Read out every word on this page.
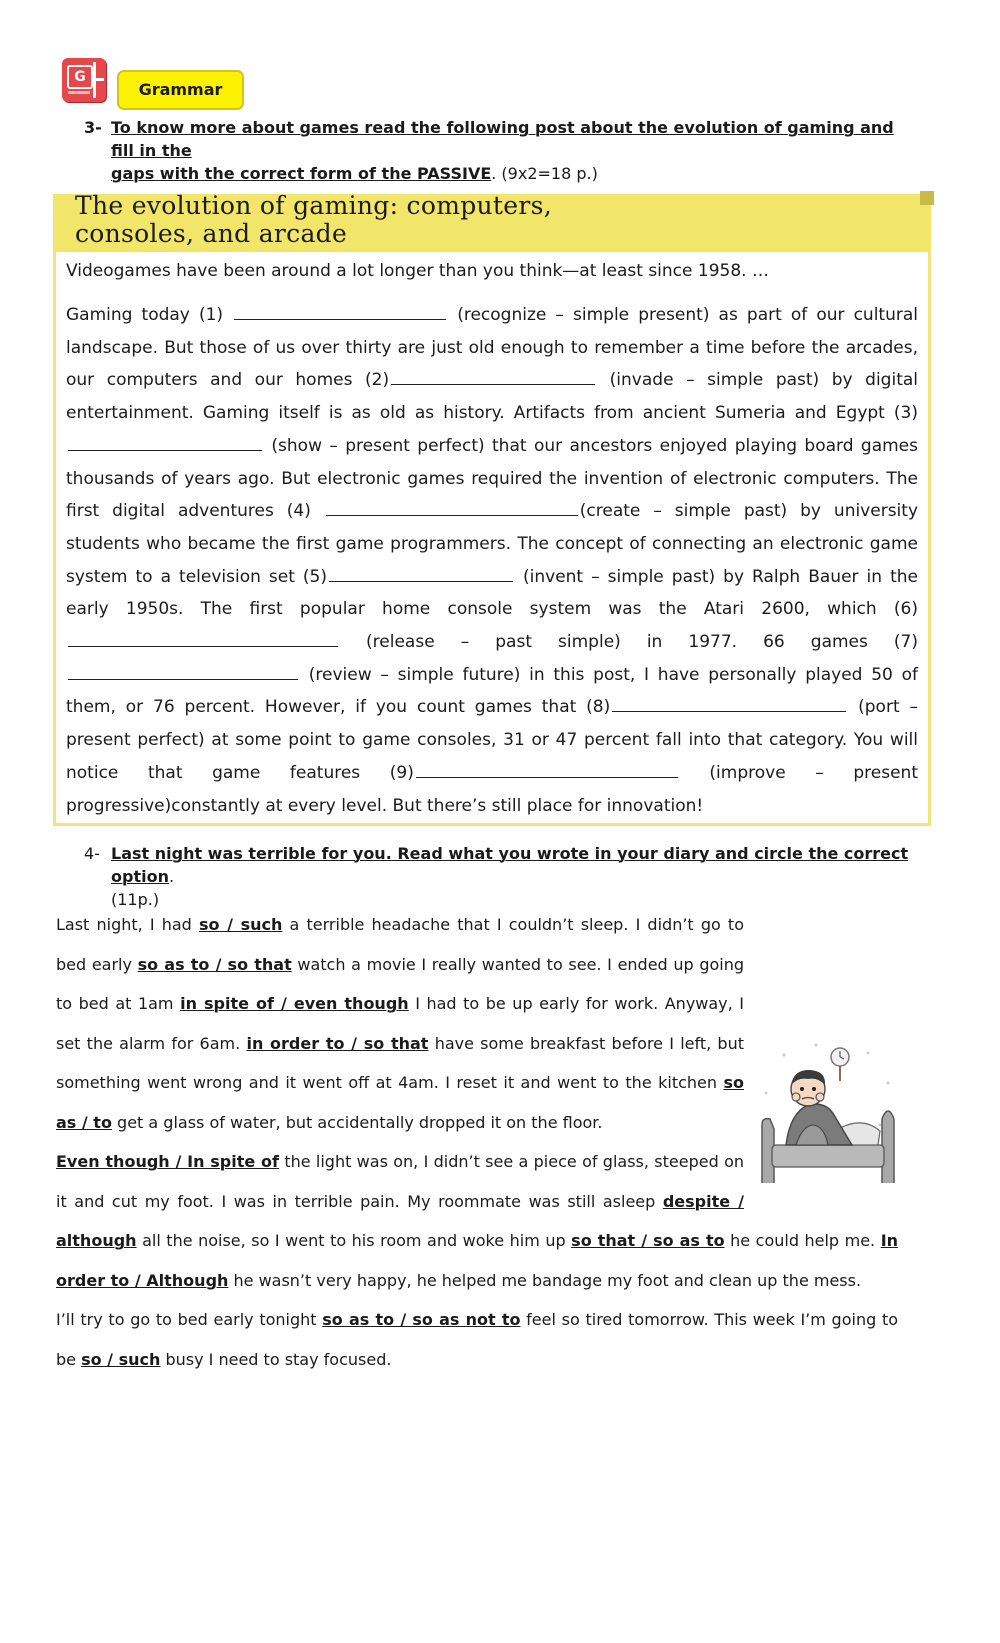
G
Grammar
3- To know more about games read the following post about the evolution of gaming and fill in the
gaps with the correct form of the PASSIVE. (9x2=18 p.)
The evolution of gaming: computers,
consoles, and arcade
Videogames have been around a lot longer than you think—at least since 1958. …
Gaming today (1)	(recognize – simple present) as part of our cultural landscape. But those of us over thirty are just old enough to remember a time before the arcades, our computers and our homes (2)	(invade – simple past) by digital entertainment. Gaming itself is as old as history. Artifacts from ancient Sumeria and Egypt (3) (show – present perfect) that our ancestors enjoyed playing board games thousands of years ago. But electronic games required the invention of electronic computers. The first digital adventures (4)	(create – simple past) by university students who became the first game programmers. The concept of connecting an electronic game system to a television set (5)	(invent – simple past) by Ralph Bauer in the early 1950s. The first popular home console system was the Atari 2600, which (6) (release – past simple) in 1977. 66 games (7) (review – simple future) in this post, I have personally played 50 of them, or 76 percent. However, if you count games that (8)	(port – present perfect) at some point to game consoles, 31 or 47 percent fall into that category. You will notice that game features (9)	(improve – present progressive)constantly at every level. But there’s still place for innovation!
4- Last night was terrible for you. Read what you wrote in your diary and circle the correct option.
(11p.)
Last night, I had so / such a terrible headache that I couldn’t sleep. I didn’t go to bed early so as to / so that watch a movie I really wanted to see. I ended up going to bed at 1am in spite of / even though I had to be up early for work. Anyway, I set the alarm for 6am. in order to / so that have some breakfast before I left, but something went wrong and it went off at 4am. I reset it and went to the kitchen so as / to get a glass of water, but accidentally dropped it on the floor.
Even though / In spite of the light was on, I didn’t see a piece of glass, steeped on it and cut my foot. I was in terrible pain. My roommate was still asleep despite / although all the noise, so I went to his room and woke him up so that / so as to he could help me. In order to / Although he wasn’t very happy, he helped me bandage my foot and clean up the mess.
I’ll try to go to bed early tonight so as to / so as not to feel so tired tomorrow. This week I’m going to be so / such busy I need to stay focused.
